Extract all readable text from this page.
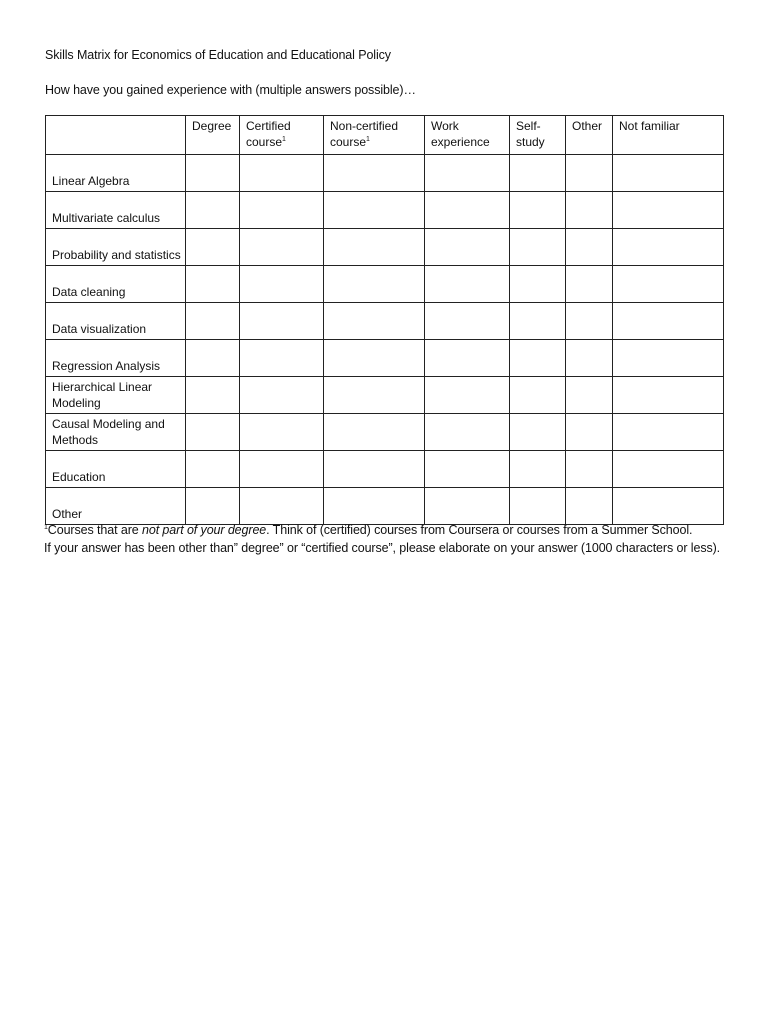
Skills Matrix for Economics of Education and Educational Policy
How have you gained experience with (multiple answers possible)…
	Degree	Certified course$^1$	Non-certified course$^1$	Work experience	Self-study	Other	Not familiar
Linear Algebra							
Multivariate calculus							
Probability and statistics							
Data cleaning							
Data visualization							
Regression Analysis							
Hierarchical Linear Modeling							
Causal Modeling and Methods							
Education							
Other							
$^1$Courses that are not part of your degree. Think of (certified) courses from Coursera or courses from a Summer School.
If your answer has been other than” degree” or “certified course”, please elaborate on your answer (1000 characters or less).
